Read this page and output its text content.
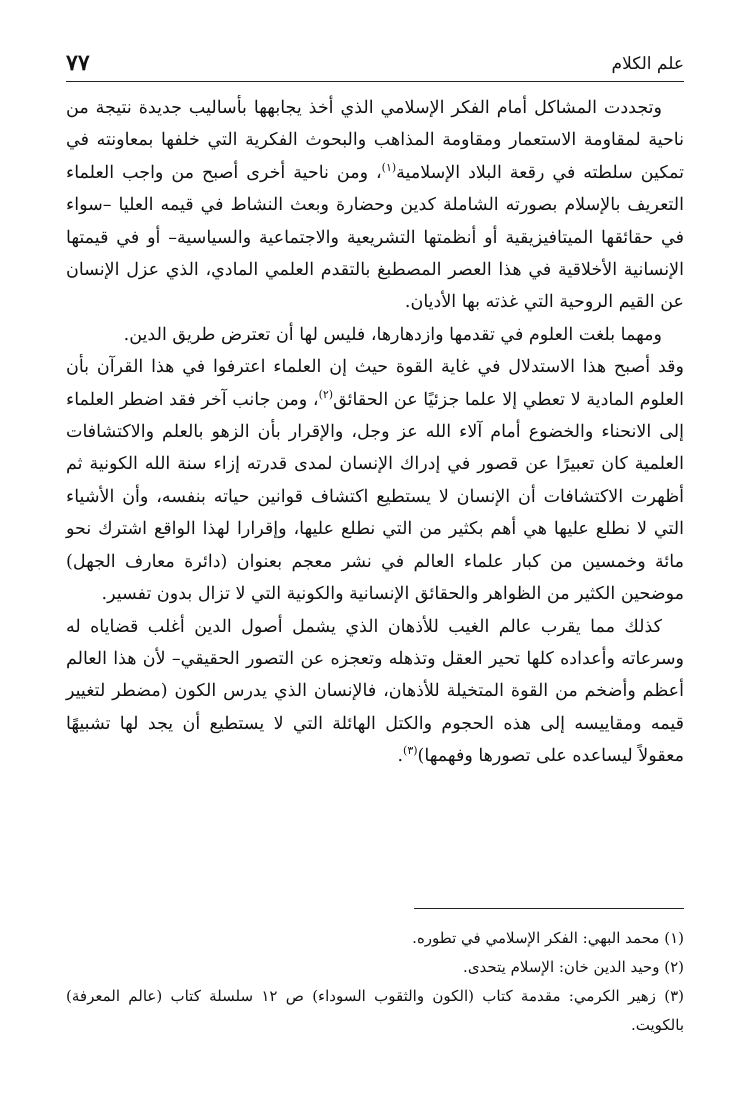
علم الكلام
٧٧

وتجددت المشاكل أمام الفكر الإسلامي الذي أخذ يجابهها بأساليب جديدة نتيجة من ناحية لمقاومة الاستعمار ومقاومة المذاهب والبحوث الفكرية التي خلفها بمعاونته في تمكين سلطته في رقعة البلاد الإسلامية$^{(١)}$، ومن ناحية أخرى أصبح من واجب العلماء التعريف بالإسلام بصورته الشاملة كدين وحضارة وبعث النشاط في قيمه العليا –سواء في حقائقها الميتافيزيقية أو أنظمتها التشريعية والاجتماعية والسياسية– أو في قيمتها الإنسانية الأخلاقية في هذا العصر المصطبغ بالتقدم العلمي المادي، الذي عزل الإنسان عن القيم الروحية التي غذته بها الأديان.

ومهما بلغت العلوم في تقدمها وازدهارها، فليس لها أن تعترض طريق الدين.

وقد أصبح هذا الاستدلال في غاية القوة حيث إن العلماء اعترفوا في هذا القرآن بأن العلوم المادية لا تعطي إلا علما جزئيًا عن الحقائق$^{(٢)}$، ومن جانب آخر فقد اضطر العلماء إلى الانحناء والخضوع أمام آلاء الله عز وجل، والإقرار بأن الزهو بالعلم والاكتشافات العلمية كان تعبيرًا عن قصور في إدراك الإنسان لمدى قدرته إزاء سنة الله الكونية ثم أظهرت الاكتشافات أن الإنسان لا يستطيع اكتشاف قوانين حياته بنفسه، وأن الأشياء التي لا نطلع عليها هي أهم بكثير من التي نطلع عليها، وإقرارا لهذا الواقع اشترك نحو مائة وخمسين من كبار علماء العالم في نشر معجم بعنوان (دائرة معارف الجهل) موضحين الكثير من الظواهر والحقائق الإنسانية والكونية التي لا تزال بدون تفسير.

كذلك مما يقرب عالم الغيب للأذهان الذي يشمل أصول الدين أغلب قضاياه له وسرعاته وأعداده كلها تحير العقل وتذهله وتعجزه عن التصور الحقيقي– لأن هذا العالم أعظم وأضخم من القوة المتخيلة للأذهان، فالإنسان الذي يدرس الكون (مضطر لتغيير قيمه ومقاييسه إلى هذه الحجوم والكتل الهائلة التي لا يستطيع أن يجد لها تشبيهًا معقولاً ليساعده على تصورها وفهمها)$^{(٣)}$.

(١) محمد البهي: الفكر الإسلامي في تطوره.

(٢) وحيد الدين خان: الإسلام يتحدى.

(٣) زهير الكرمي: مقدمة كتاب (الكون والثقوب السوداء) ص ١٢ سلسلة كتاب (عالم المعرفة) بالكويت.
